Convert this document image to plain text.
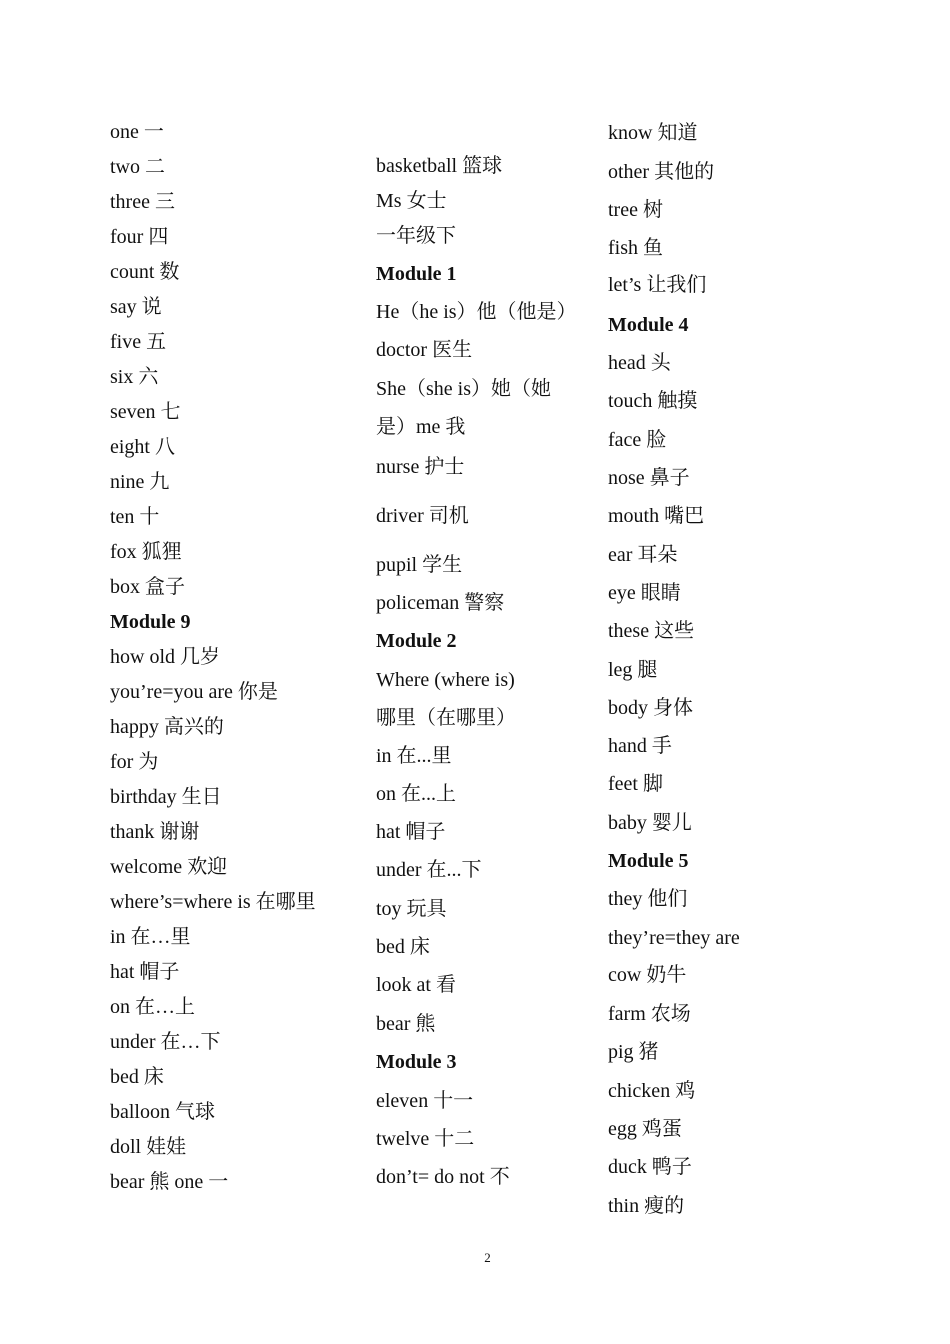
one 一
two 二
three 三
four 四
count 数
say 说
five 五
six 六
seven 七
eight 八
nine 九
ten 十
fox 狐狸
box 盒子
Module 9
how old 几岁
you’re=you are 你是
happy 高兴的
for 为
birthday 生日
thank 谢谢
welcome 欢迎
where’s=where is 在哪里
in 在…里
hat 帽子
on 在…上
under 在…下
bed 床
balloon 气球
doll 娃娃
bear 熊 one 一
basketball 篮球
Ms 女士
一年级下
Module 1
He（he is）他（他是）
doctor 医生
She（she is）她（她
是）me 我
nurse 护士
driver 司机
pupil 学生
policeman 警察
Module 2
Where (where is)
哪里（在哪里）
in 在...里
on 在...上
hat 帽子
under 在...下
toy 玩具
bed 床
look at 看
bear 熊
Module 3
eleven 十一
twelve 十二
don’t= do not 不
know 知道
other 其他的
tree 树
fish 鱼
let’s 让我们
Module 4
head 头
touch 触摸
face 脸
nose 鼻子
mouth 嘴巴
ear 耳朵
eye 眼睛
these 这些
leg 腿
body 身体
hand 手
feet 脚
baby 婴儿
Module 5
they 他们
they’re=they are
cow 奶牛
farm 农场
pig 猪
chicken 鸡
egg 鸡蛋
duck 鸭子
thin 瘦的
2
